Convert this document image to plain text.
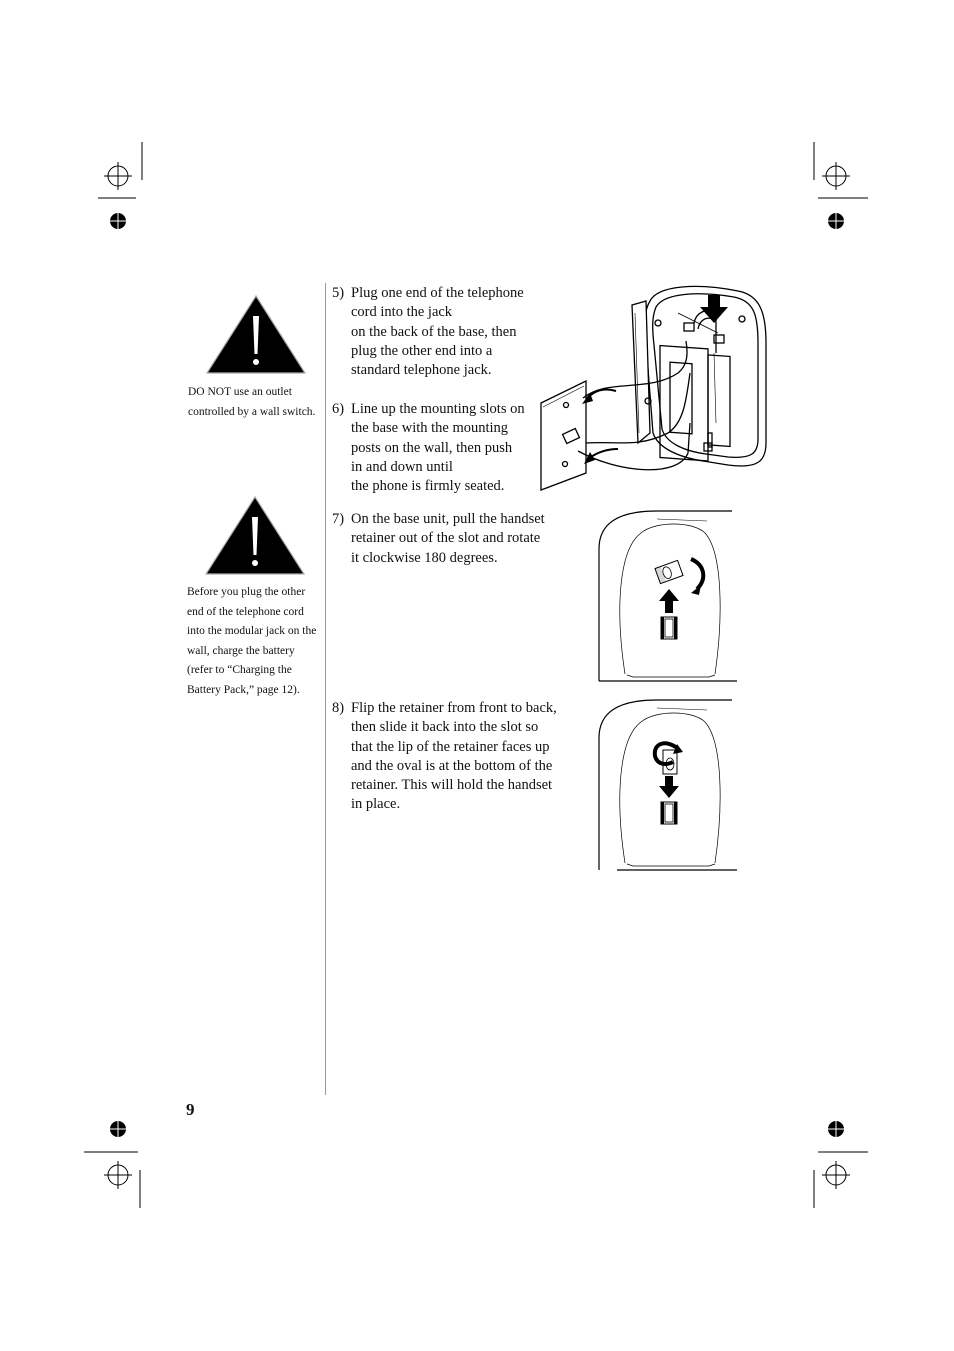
DO NOT use an outlet controlled by a wall switch.
Before you plug the other end of the telephone cord into the modular jack on the wall, charge the battery (refer to “Charging the Battery Pack,” page 12).
5) Plug one end of the telephone
cord into the jack
on the back of the base, then
plug the other end into a
standard telephone jack.
6) Line up the mounting slots on
the base with the mounting
posts on the wall, then push
in and down until
the phone is firmly seated.
7) On the base unit, pull the handset
retainer out of the slot and rotate
it clockwise 180 degrees.
8) Flip the retainer from front to back,
then slide it back into the slot so
that the lip of the retainer faces up
and the oval is at the bottom of the
retainer. This will hold the handset
in place.
9
